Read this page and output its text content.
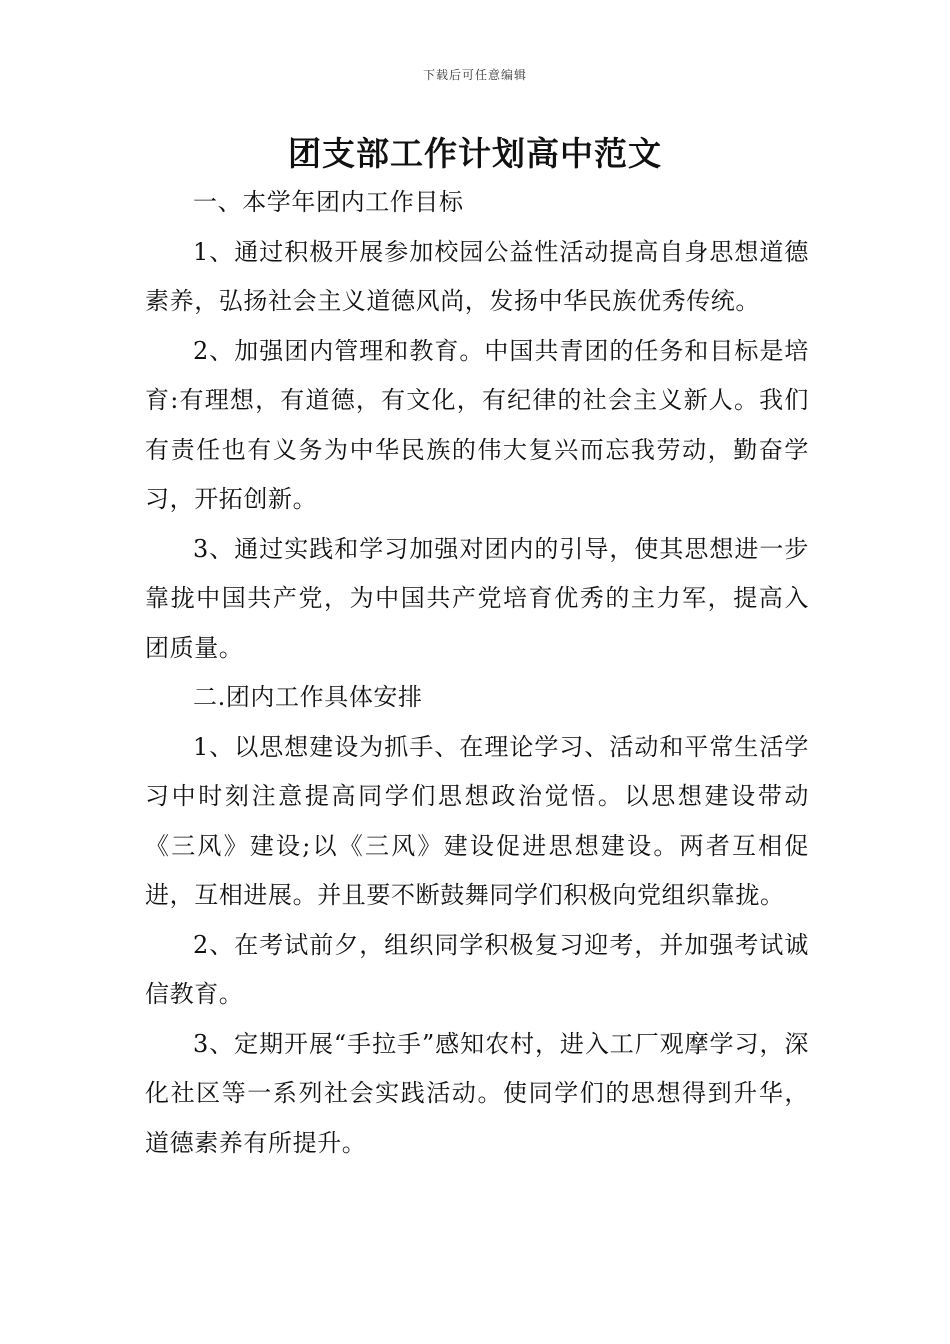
下载后可任意编辑
团支部工作计划高中范文

一、本学年团内工作目标

1、通过积极开展参加校园公益性活动提高自身思想道德素养，弘扬社会主义道德风尚，发扬中华民族优秀传统。

2、加强团内管理和教育。中国共青团的任务和目标是培育:有理想，有道德，有文化，有纪律的社会主义新人。我们有责任也有义务为中华民族的伟大复兴而忘我劳动，勤奋学习，开拓创新。

3、通过实践和学习加强对团内的引导，使其思想进一步靠拢中国共产党，为中国共产党培育优秀的主力军，提高入团质量。

二.团内工作具体安排

1、以思想建设为抓手、在理论学习、活动和平常生活学习中时刻注意提高同学们思想政治觉悟。以思想建设带动《三风》建设;以《三风》建设促进思想建设。两者互相促进，互相进展。并且要不断鼓舞同学们积极向党组织靠拢。

2、在考试前夕，组织同学积极复习迎考，并加强考试诚信教育。

3、定期开展“手拉手”感知农村，进入工厂观摩学习，深化社区等一系列社会实践活动。使同学们的思想得到升华，道德素养有所提升。
